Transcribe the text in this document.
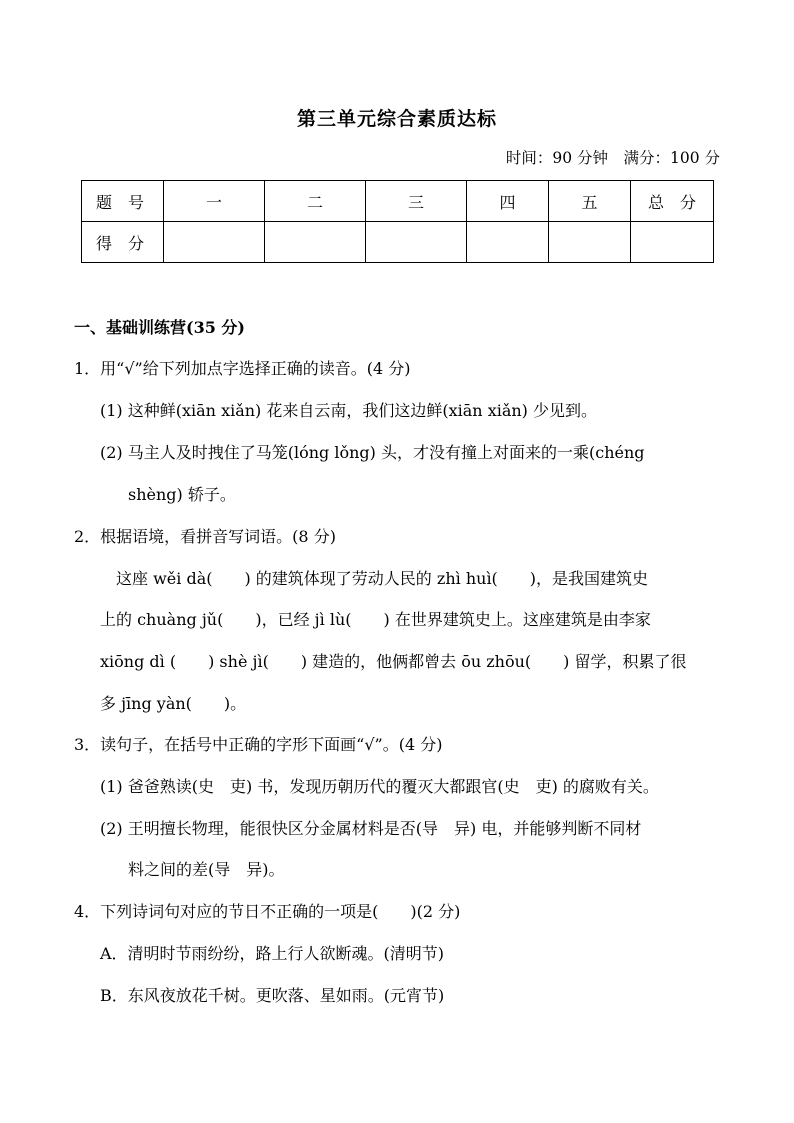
第三单元综合素质达标
时间：90 分钟　满分：100 分
题　号	一	二	三	四	五	总　分
得　分						
一、基础训练营(35 分)
1．用“√”给下列加点字选择正确的读音。(4 分)
(1) 这种鲜(xiān xiǎn) 花来自云南，我们这边鲜(xiān xiǎn) 少见到。
(2) 马主人及时拽住了马笼(lóng lǒng) 头，才没有撞上对面来的一乘(chéng
shèng) 轿子。
2．根据语境，看拼音写词语。(8 分)
　这座 wěi dà(　　) 的建筑体现了劳动人民的 zhì huì(　　)，是我国建筑史
上的 chuàng jǔ(　　)，已经 jì lù(　　) 在世界建筑史上。这座建筑是由李家
xiōng dì (　　) shè jì(　　) 建造的，他俩都曾去 ōu zhōu(　　) 留学，积累了很
多 jīng yàn(　　)。
3．读句子，在括号中正确的字形下面画“√”。(4 分)
(1) 爸爸熟读(史　吏) 书，发现历朝历代的覆灭大都跟官(史　吏) 的腐败有关。
(2) 王明擅长物理，能很快区分金属材料是否(导　异) 电，并能够判断不同材
料之间的差(导　异)。
4．下列诗词句对应的节日不正确的一项是(　　)(2 分)
A．清明时节雨纷纷，路上行人欲断魂。(清明节)
B．东风夜放花千树。更吹落、星如雨。(元宵节)
